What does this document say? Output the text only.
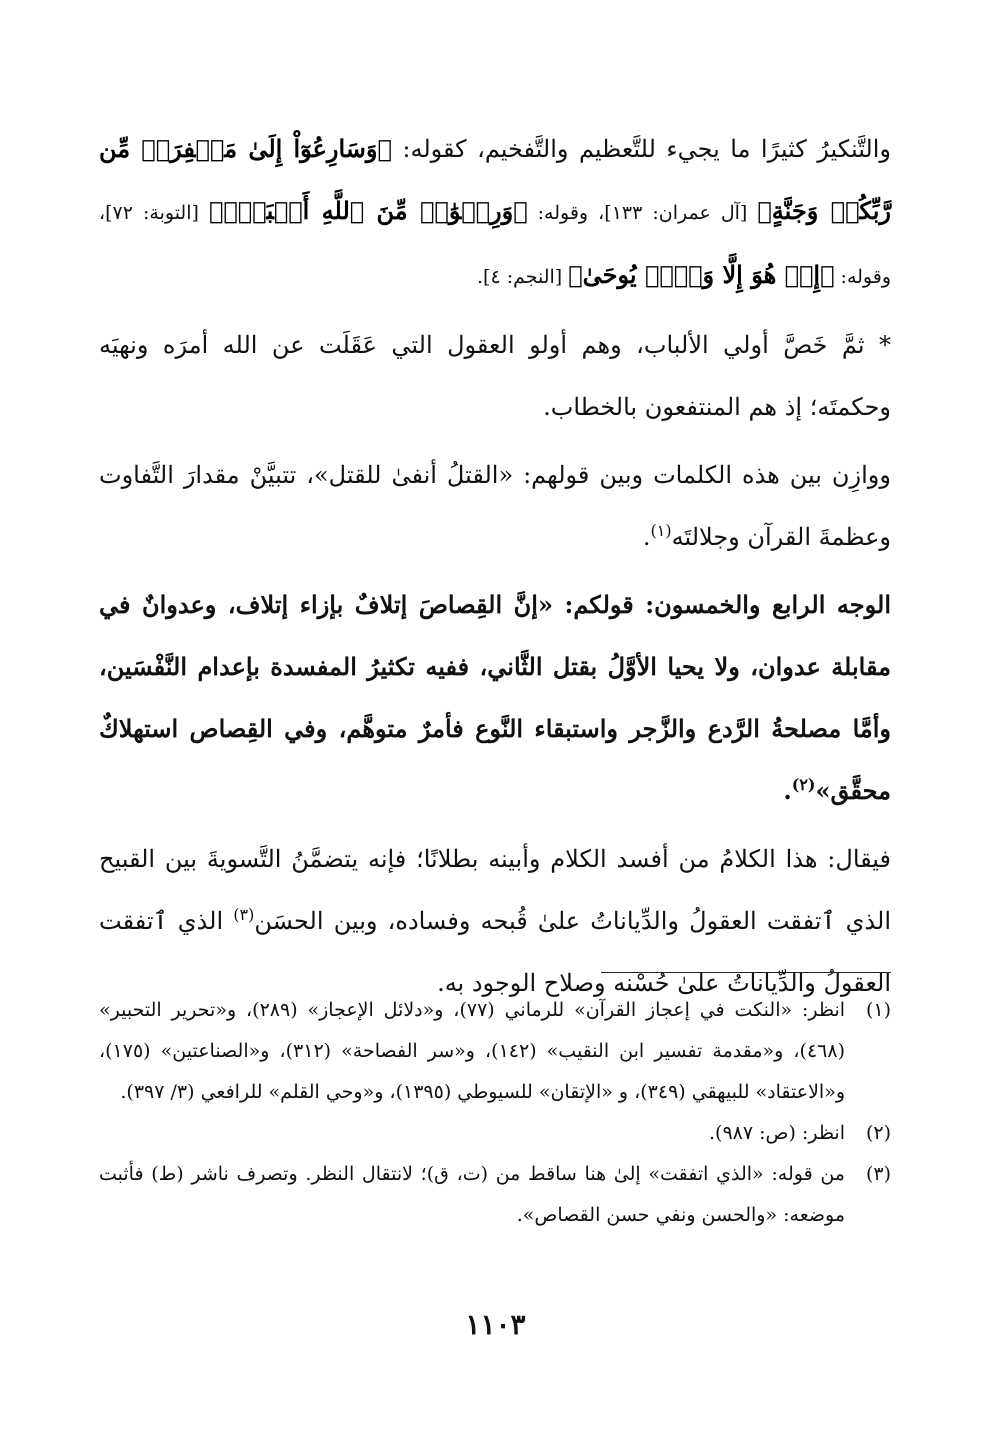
والتَّنكيرُ كثيرًا ما يجيء للتَّعظيم والتَّفخيم، كقوله: ﴿وَسَارِعُوٓاْ إِلَىٰ مَغۡفِرَةٖ مِّن رَّبِّكُمۡ وَجَنَّةٍ﴾ [آل عمران: ١٣٣]، وقوله: ﴿وَرِضۡوَٰنٞ مِّنَ ٱللَّهِ أَكۡبَرُۚ﴾ [التوبة: ٧٢]، وقوله: ﴿إِنۡ هُوَ إِلَّا وَحۡيٞ يُوحَىٰ﴾ [النجم: ٤].

* ثمَّ خَصَّ أولي الألباب، وهم أولو العقول التي عَقَلَت عن الله أمرَه ونهيَه وحكمتَه؛ إذ هم المنتفعون بالخطاب.

ووازِن بين هذه الكلمات وبين قولهم: «القتلُ أنفىٰ للقتل»، تتبيَّنْ مقدارَ التَّفاوت وعظمةَ القرآن وجلالتَه$^{(١)}$.

الوجه الرابع والخمسون: قولكم: «إنَّ القِصاصَ إتلافٌ بإزاء إتلاف، وعدوانٌ في مقابلة عدوان، ولا يحيا الأوَّلُ بقتل الثَّاني، ففيه تكثيرُ المفسدة بإعدام النَّفْسَين، وأمَّا مصلحةُ الرَّدع والزَّجر واستبقاء النَّوع فأمرٌ متوهَّم، وفي القِصاص استهلاكٌ محقَّق»$^{(٢)}$.

فيقال: هذا الكلامُ من أفسد الكلام وأبينه بطلانًا؛ فإنه يتضمَّنُ التَّسويةَ بين القبيح الذي ٱتفقت العقولُ والدِّياناتُ علىٰ قُبحه وفساده، وبين الحسَن$^{(٣)}$ الذي ٱتفقت العقولُ والدِّياناتُ علىٰ حُسْنه وصلاح الوجود به.

(١)
انظر: «النكت في إعجاز القرآن» للرماني (٧٧)، و«دلائل الإعجاز» (٢٨٩)، و«تحرير التحبير» (٤٦٨)، و«مقدمة تفسير ابن النقيب» (١٤٢)، و«سر الفصاحة» (٣١٢)، و«الصناعتين» (١٧٥)، و«الاعتقاد» للبيهقي (٣٤٩)، و «الإتقان» للسيوطي (١٣٩٥)، و«وحي القلم» للرافعي (٣/ ٣٩٧).

(٢)
انظر: (ص: ٩٨٧).

(٣)
من قوله: «الذي اتفقت» إلىٰ هنا ساقط من (ت، ق)؛ لانتقال النظر. وتصرف ناشر (ط) فأثبت موضعه: «والحسن ونفي حسن القصاص».

١١٠٣
